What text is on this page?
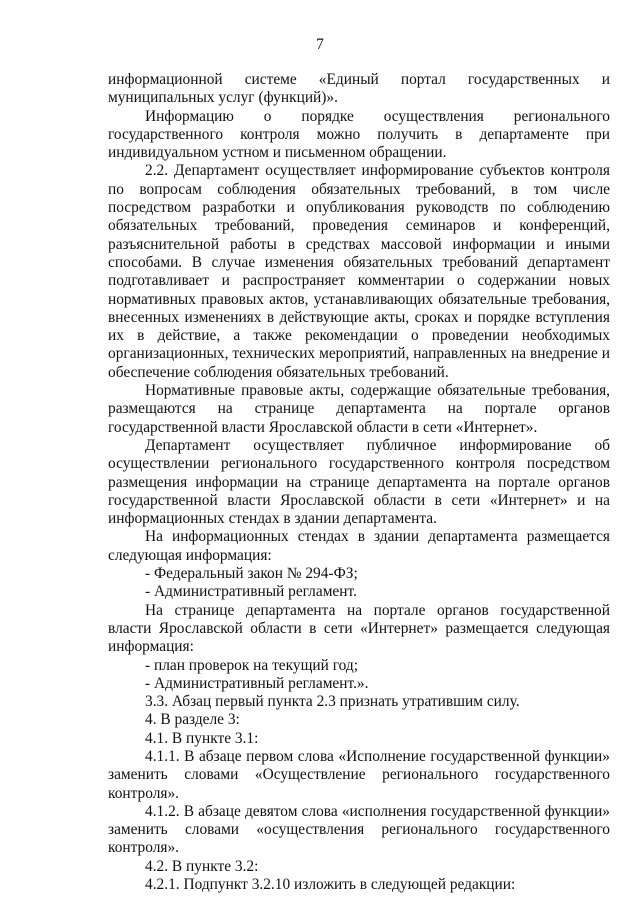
7

информационной системе «Единый портал государственных и муниципальных услуг (функций)».

Информацию о порядке осуществления регионального государственного контроля можно получить в департаменте при индивидуальном устном и письменном обращении.

2.2. Департамент осуществляет информирование субъектов контроля по вопросам соблюдения обязательных требований, в том числе посредством разработки и опубликования руководств по соблюдению обязательных требований, проведения семинаров и конференций, разъяснительной работы в средствах массовой информации и иными способами. В случае изменения обязательных требований департамент подготавливает и распространяет комментарии о содержании новых нормативных правовых актов, устанавливающих обязательные требования, внесенных изменениях в действующие акты, сроках и порядке вступления их в действие, а также рекомендации о проведении необходимых организационных, технических мероприятий, направленных на внедрение и обеспечение соблюдения обязательных требований.

Нормативные правовые акты, содержащие обязательные требования, размещаются на странице департамента на портале органов государственной власти Ярославской области в сети «Интернет».

Департамент осуществляет публичное информирование об осуществлении регионального государственного контроля посредством размещения информации на странице департамента на портале органов государственной власти Ярославской области в сети «Интернет» и на информационных стендах в здании департамента.

На информационных стендах в здании департамента размещается следующая информация:

- Федеральный закон № 294-ФЗ;

- Административный регламент.

На странице департамента на портале органов государственной власти Ярославской области в сети «Интернет» размещается следующая информация:

- план проверок на текущий год;

- Административный регламент.».

3.3. Абзац первый пункта 2.3 признать утратившим силу.

4. В разделе 3:

4.1. В пункте 3.1:

4.1.1. В абзаце первом слова «Исполнение государственной функции» заменить словами «Осуществление регионального государственного контроля».

4.1.2. В абзаце девятом слова «исполнения государственной функции» заменить словами «осуществления регионального государственного контроля».

4.2. В пункте 3.2:

4.2.1. Подпункт 3.2.10 изложить в следующей редакции:
